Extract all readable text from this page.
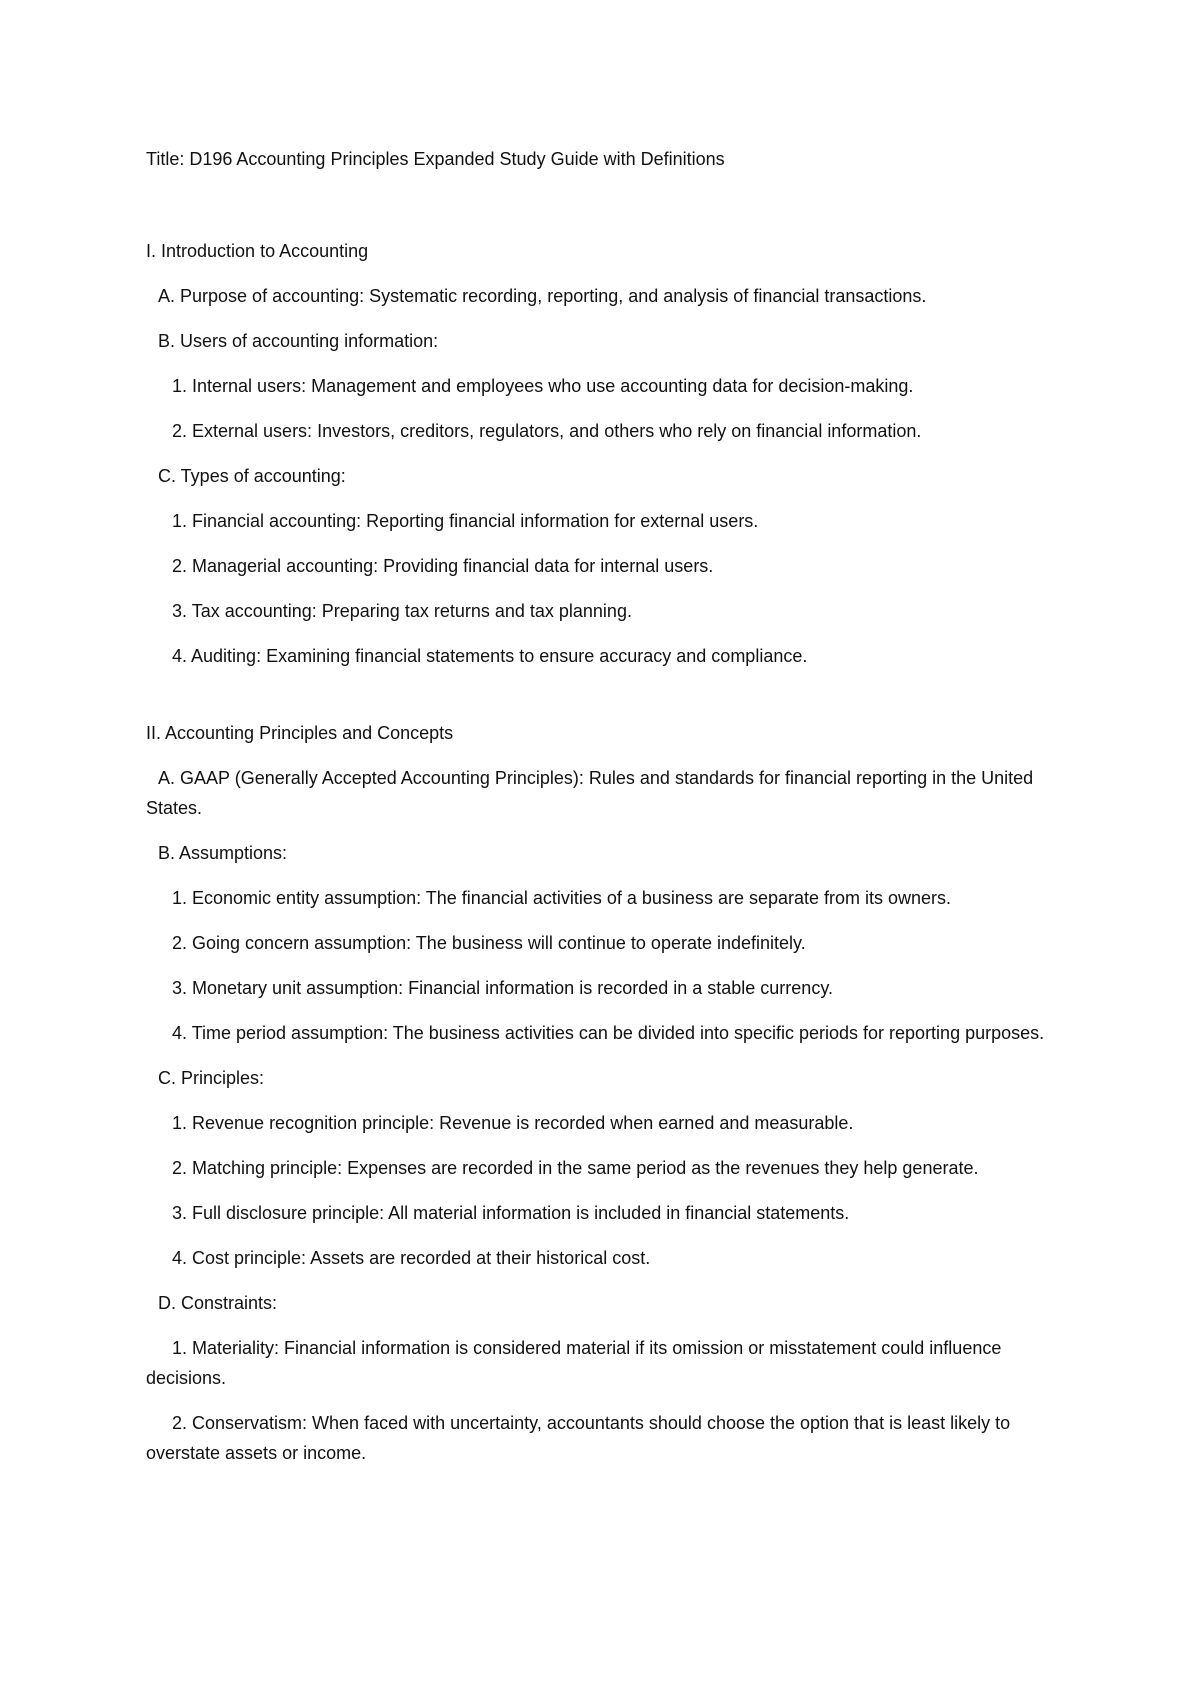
Title: D196 Accounting Principles Expanded Study Guide with Definitions

I. Introduction to Accounting

A. Purpose of accounting: Systematic recording, reporting, and analysis of financial transactions.

B. Users of accounting information:

1. Internal users: Management and employees who use accounting data for decision-making.

2. External users: Investors, creditors, regulators, and others who rely on financial information.

C. Types of accounting:

1. Financial accounting: Reporting financial information for external users.

2. Managerial accounting: Providing financial data for internal users.

3. Tax accounting: Preparing tax returns and tax planning.

4. Auditing: Examining financial statements to ensure accuracy and compliance.

II. Accounting Principles and Concepts

A. GAAP (Generally Accepted Accounting Principles): Rules and standards for financial reporting in the United States.

B. Assumptions:

1. Economic entity assumption: The financial activities of a business are separate from its owners.

2. Going concern assumption: The business will continue to operate indefinitely.

3. Monetary unit assumption: Financial information is recorded in a stable currency.

4. Time period assumption: The business activities can be divided into specific periods for reporting purposes.

C. Principles:

1. Revenue recognition principle: Revenue is recorded when earned and measurable.

2. Matching principle: Expenses are recorded in the same period as the revenues they help generate.

3. Full disclosure principle: All material information is included in financial statements.

4. Cost principle: Assets are recorded at their historical cost.

D. Constraints:

1. Materiality: Financial information is considered material if its omission or misstatement could influence decisions.

2. Conservatism: When faced with uncertainty, accountants should choose the option that is least likely to overstate assets or income.
